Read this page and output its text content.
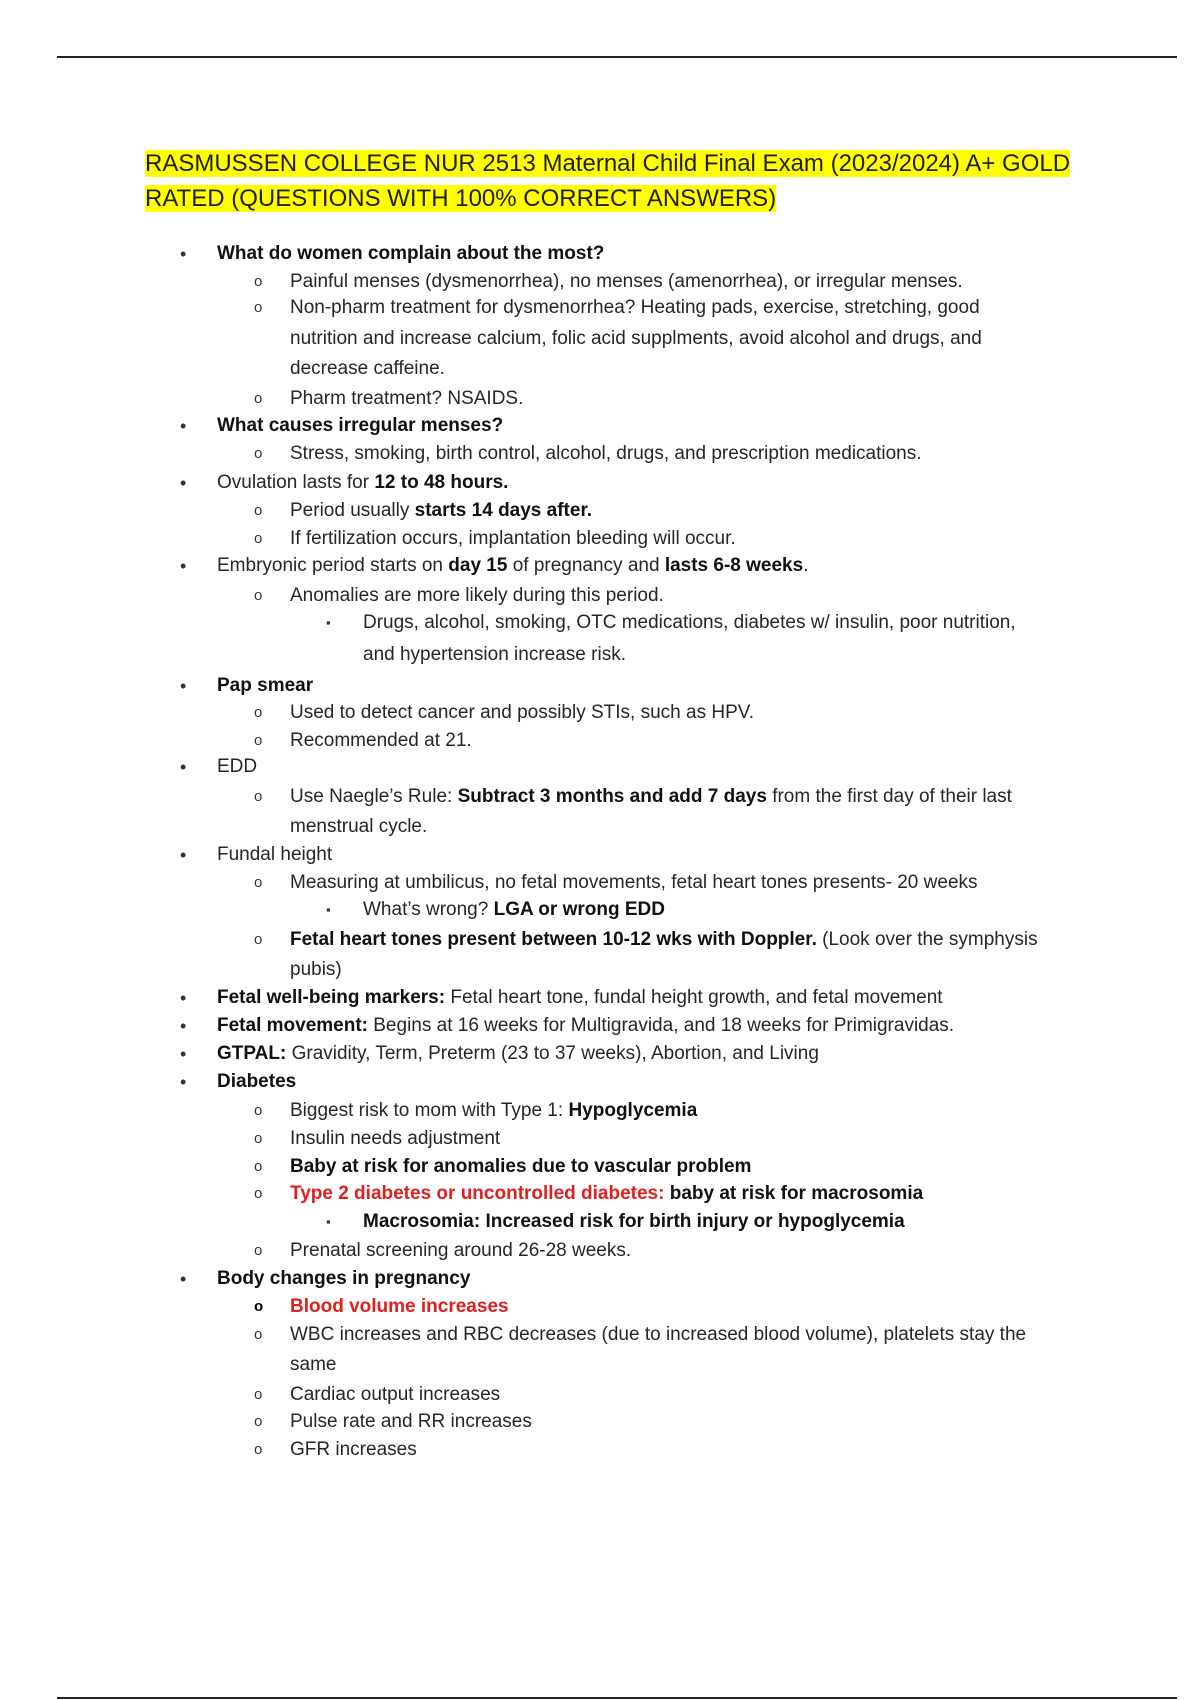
RASMUSSEN COLLEGE NUR 2513 Maternal Child Final Exam (2023/2024) A+ GOLD RATED (QUESTIONS WITH 100% CORRECT ANSWERS)
• What do women complain about the most?
o Painful menses (dysmenorrhea), no menses (amenorrhea), or irregular menses.
o Non-pharm treatment for dysmenorrhea? Heating pads, exercise, stretching, good
nutrition and increase calcium, folic acid supplments, avoid alcohol and drugs, and
decrease caffeine.
o Pharm treatment? NSAIDS.
• What causes irregular menses?
o Stress, smoking, birth control, alcohol, drugs, and prescription medications.
• Ovulation lasts for 12 to 48 hours.
o Period usually starts 14 days after.
o If fertilization occurs, implantation bleeding will occur.
• Embryonic period starts on day 15 of pregnancy and lasts 6-8 weeks.
o Anomalies are more likely during this period.
▪ Drugs, alcohol, smoking, OTC medications, diabetes w/ insulin, poor nutrition,
and hypertension increase risk.
• Pap smear
o Used to detect cancer and possibly STIs, such as HPV.
o Recommended at 21.
• EDD
o Use Naegle’s Rule: Subtract 3 months and add 7 days from the first day of their last
menstrual cycle.
• Fundal height
o Measuring at umbilicus, no fetal movements, fetal heart tones presents- 20 weeks
▪ What’s wrong? LGA or wrong EDD
o Fetal heart tones present between 10-12 wks with Doppler. (Look over the symphysis
pubis)
• Fetal well-being markers: Fetal heart tone, fundal height growth, and fetal movement
• Fetal movement: Begins at 16 weeks for Multigravida, and 18 weeks for Primigravidas.
• GTPAL: Gravidity, Term, Preterm (23 to 37 weeks), Abortion, and Living
• Diabetes
o Biggest risk to mom with Type 1: Hypoglycemia
o Insulin needs adjustment
o Baby at risk for anomalies due to vascular problem
o Type 2 diabetes or uncontrolled diabetes: baby at risk for macrosomia
▪ Macrosomia: Increased risk for birth injury or hypoglycemia
o Prenatal screening around 26-28 weeks.
• Body changes in pregnancy
o Blood volume increases
o WBC increases and RBC decreases (due to increased blood volume), platelets stay the
same
o Cardiac output increases
o Pulse rate and RR increases
o GFR increases
